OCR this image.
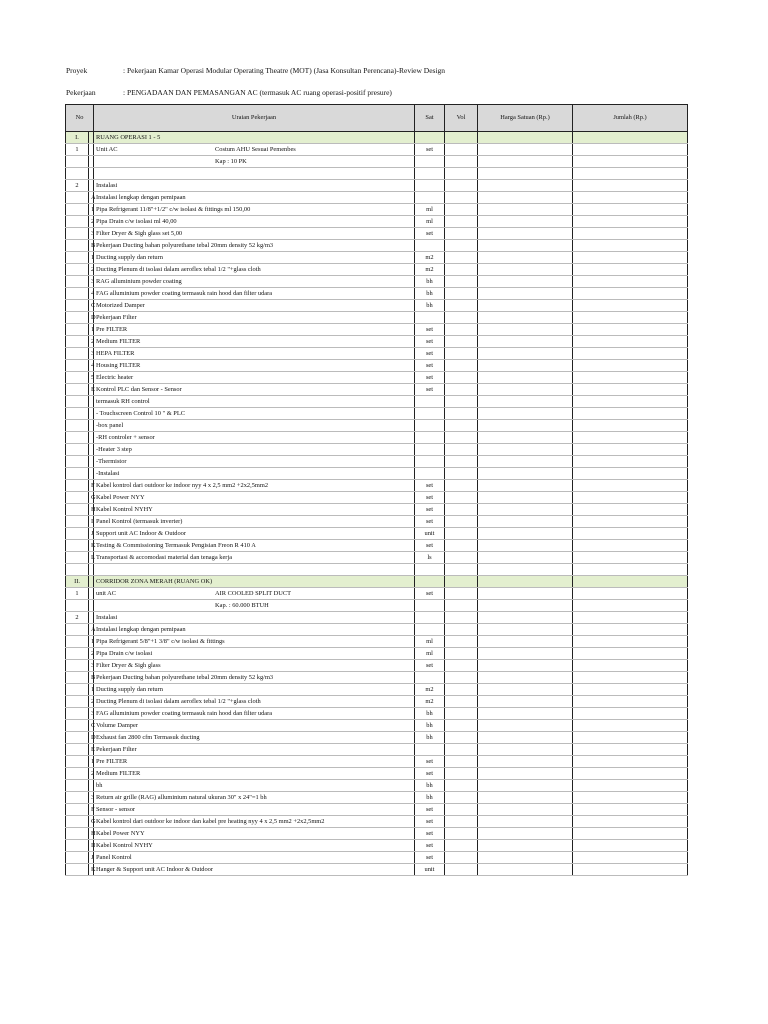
Proyek	: Pekerjaan Kamar Operasi Modular Operating Theatre (MOT) (Jasa Konsultan Perencana)-Review Design
Pekerjaan	: PENGADAAN DAN PEMASANGAN AC (termasuk AC ruang operasi-positif presure)
No		Uraian Pekerjaan	Sat	Vol	Harga Satuan (Rp.)	Jumlah (Rp.)
I.		RUANG OPERASI 1 - 5

1		Unit AC Costum AHU Sesuai Pemenbes	set			

		Kap : 10 PK				

2		Instalasi

	A	Instalasi lengkap dengan pemipaan

	1	Pipa Refrigerant 11/8"+1/2" c/w isolasi & fittings ml 150,00	ml			
	2	Pipa Drain c/w isolasi ml 40,00	ml			
	3	Filter Dryer & Sigh glass set 5,00	set			
	B	Pekerjaan Ducting bahan polyurethane tebal 20mm density 52 kg/m3

	1	Ducting supply dan return	m2			
	2	Ducting Plenum di isolasi dalam aeroflex tebal 1/2 "+glass cloth	m2			
	3	RAG alluminium powder coating	bh			
	4	FAG alluminium powder coating termasuk rain hood dan filter udara	bh			
	C	Motorized Damper	bh			
	D	Pekerjaan Filter

	1	Pre FILTER	set			
	2	Medium FILTER	set			
	3	HEPA FILTER	set			
	4	Housing FILTER	set			
	5	Electric heater	set			
	E	Kontrol PLC dan Sensor - Sensor	set			
		termasuk RH control

		- Touchscreen Control 10 " & PLC

		-box panel

		-RH controler + sensor

		-Heater 3 step

		-Thermistor

		-Instalasi

	F	Kabel kontrol dari outdoor ke indoor nyy 4 x 2,5 mm2 +2x2,5mm2	set			
	G	Kabel Power NYY	set			
	H	Kabel Kontrol NYHY	set			
	I	Panel Kontrol (termasuk inverter)	set			
	J	Support unit AC Indoor & Outdoor	unit			
	K	Testing & Commissioning Termasuk Pengisian Freon R 410 A	set			
	L	Transportasi & accomodasi material dan tenaga kerja	ls			

II.		CORRIDOR ZONA MERAH (RUANG OK)

1		unit AC AIR COOLED SPLIT DUCT	set			

		Kap. : 60.000 BTUH				

2		Instalasi

	A	Instalasi lengkap dengan pemipaan

	1	Pipa Refrigerant 5/8"+1 3/8" c/w isolasi & fittings	ml			
	2	Pipa Drain c/w isolasi	ml			
	3	Filter Dryer & Sigh glass	set			
	B	Pekerjaan Ducting bahan polyurethane tebal 20mm density 52 kg/m3

	1	Ducting supply dan return	m2			
	2	Ducting Plenum di isolasi dalam aeroflex tebal 1/2 "+glass cloth	m2			
	3	FAG alluminium powder coating termasuk rain hood dan filter udara	bh			
	C	Volume Damper	bh			
	D	Exhaust fan 2800 cfm Termasuk ducting	bh			
	E	Pekerjaan Filter

	1	Pre FILTER	set			
	2	Medium FILTER	set			
		bh	bh			
	3	Return air grille (RAG) alluminium natural ukuran 30" x 24"=1 bh	bh			
	F	Sensor - sensor	set			
	G	Kabel kontrol dari outdoor ke indoor dan kabel pre heating nyy 4 x 2,5 mm2 +2x2,5mm2	set			
	H	Kabel Power NYY	set			
	II	Kabel Kontrol NYHY	set			
	J	Panel Kontrol	set			
	K	Hanger & Support unit AC Indoor & Outdoor	unit			
